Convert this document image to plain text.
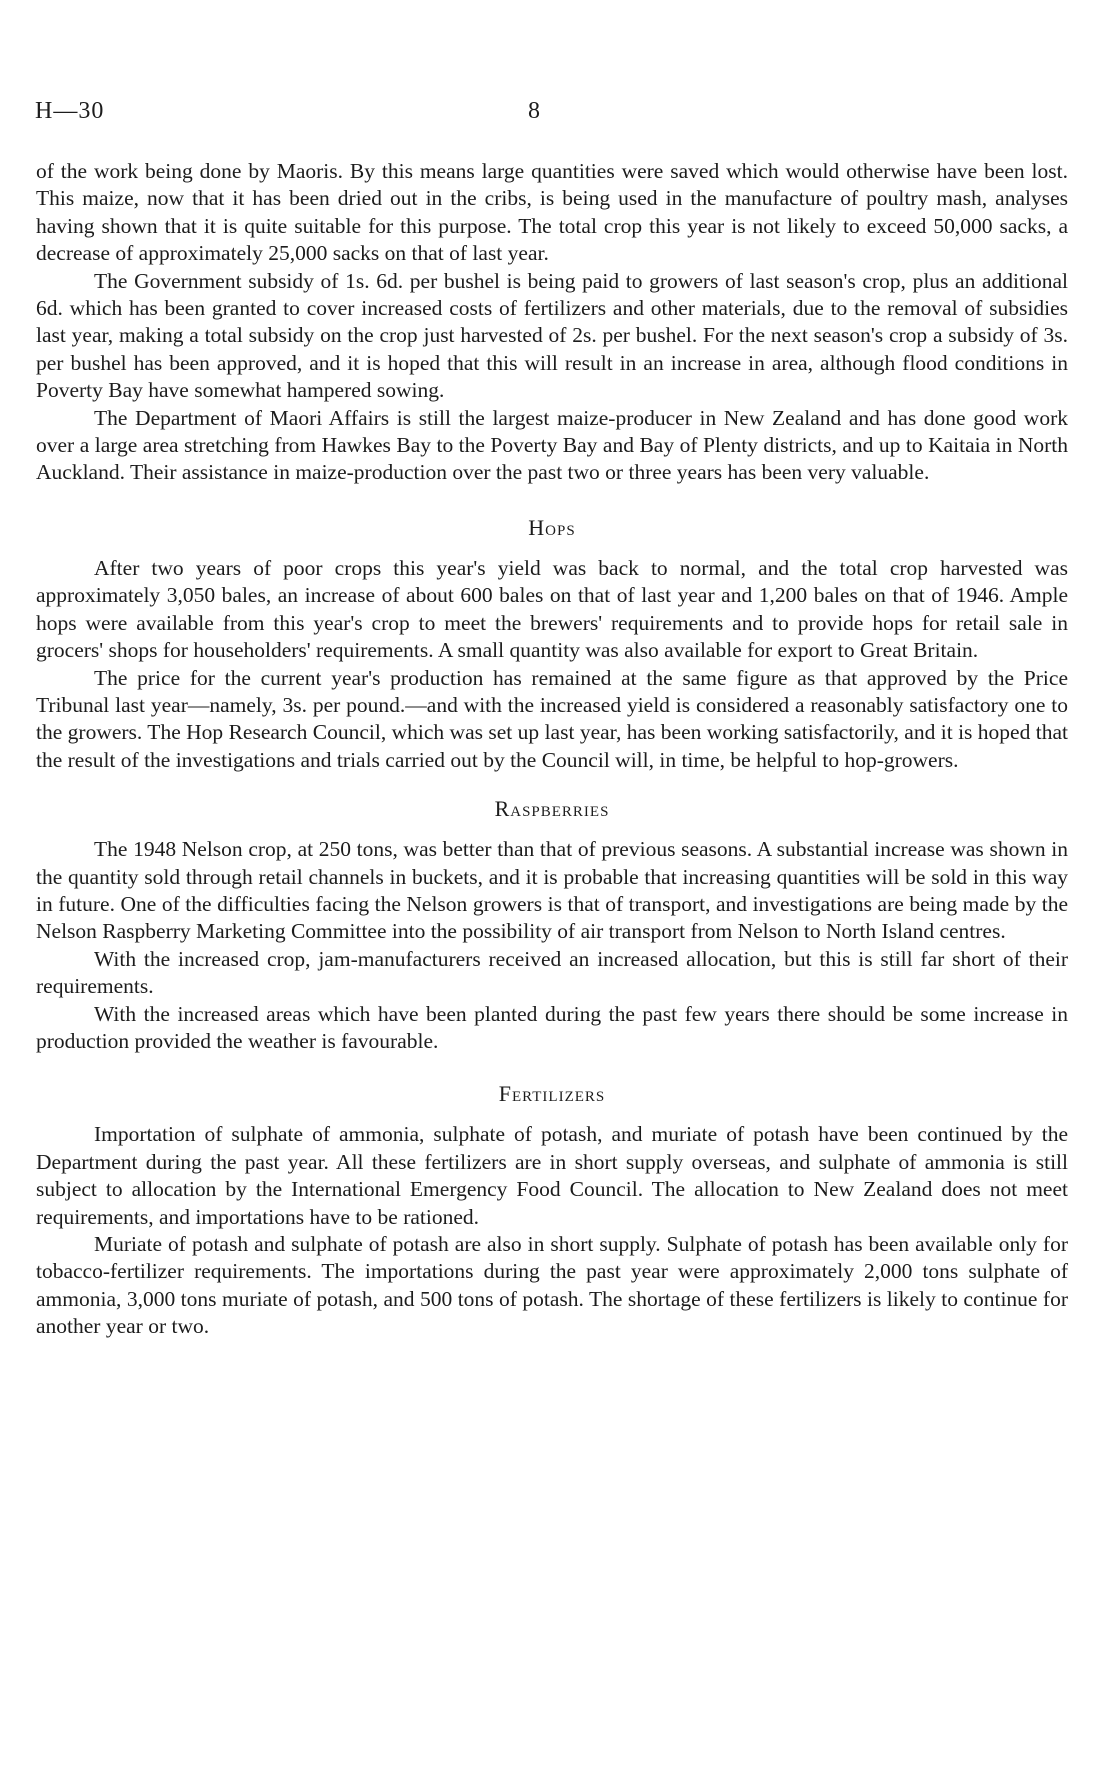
H—30	8

of the work being done by Maoris. By this means large quantities were saved which would otherwise have been lost. This maize, now that it has been dried out in the cribs, is being used in the manufacture of poultry mash, analyses having shown that it is quite suitable for this purpose. The total crop this year is not likely to exceed 50,000 sacks, a decrease of approximately 25,000 sacks on that of last year.

The Government subsidy of 1s. 6d. per bushel is being paid to growers of last season's crop, plus an additional 6d. which has been granted to cover increased costs of fertilizers and other materials, due to the removal of subsidies last year, making a total subsidy on the crop just harvested of 2s. per bushel. For the next season's crop a subsidy of 3s. per bushel has been approved, and it is hoped that this will result in an increase in area, although flood conditions in Poverty Bay have somewhat hampered sowing.

The Department of Maori Affairs is still the largest maize-producer in New Zealand and has done good work over a large area stretching from Hawkes Bay to the Poverty Bay and Bay of Plenty districts, and up to Kaitaia in North Auckland. Their assistance in maize-production over the past two or three years has been very valuable.

Hops

After two years of poor crops this year's yield was back to normal, and the total crop harvested was approximately 3,050 bales, an increase of about 600 bales on that of last year and 1,200 bales on that of 1946. Ample hops were available from this year's crop to meet the brewers' requirements and to provide hops for retail sale in grocers' shops for householders' requirements. A small quantity was also available for export to Great Britain.

The price for the current year's production has remained at the same figure as that approved by the Price Tribunal last year—namely, 3s. per pound.—and with the increased yield is considered a reasonably satisfactory one to the growers. The Hop Research Council, which was set up last year, has been working satisfactorily, and it is hoped that the result of the investigations and trials carried out by the Council will, in time, be helpful to hop-growers.

Raspberries

The 1948 Nelson crop, at 250 tons, was better than that of previous seasons. A substantial increase was shown in the quantity sold through retail channels in buckets, and it is probable that increasing quantities will be sold in this way in future. One of the difficulties facing the Nelson growers is that of transport, and investigations are being made by the Nelson Raspberry Marketing Committee into the possibility of air transport from Nelson to North Island centres.

With the increased crop, jam-manufacturers received an increased allocation, but this is still far short of their requirements.

With the increased areas which have been planted during the past few years there should be some increase in production provided the weather is favourable.

Fertilizers

Importation of sulphate of ammonia, sulphate of potash, and muriate of potash have been continued by the Department during the past year. All these fertilizers are in short supply overseas, and sulphate of ammonia is still subject to allocation by the International Emergency Food Council. The allocation to New Zealand does not meet requirements, and importations have to be rationed.

Muriate of potash and sulphate of potash are also in short supply. Sulphate of potash has been available only for tobacco-fertilizer requirements. The importations during the past year were approximately 2,000 tons sulphate of ammonia, 3,000 tons muriate of potash, and 500 tons of potash. The shortage of these fertilizers is likely to continue for another year or two.
